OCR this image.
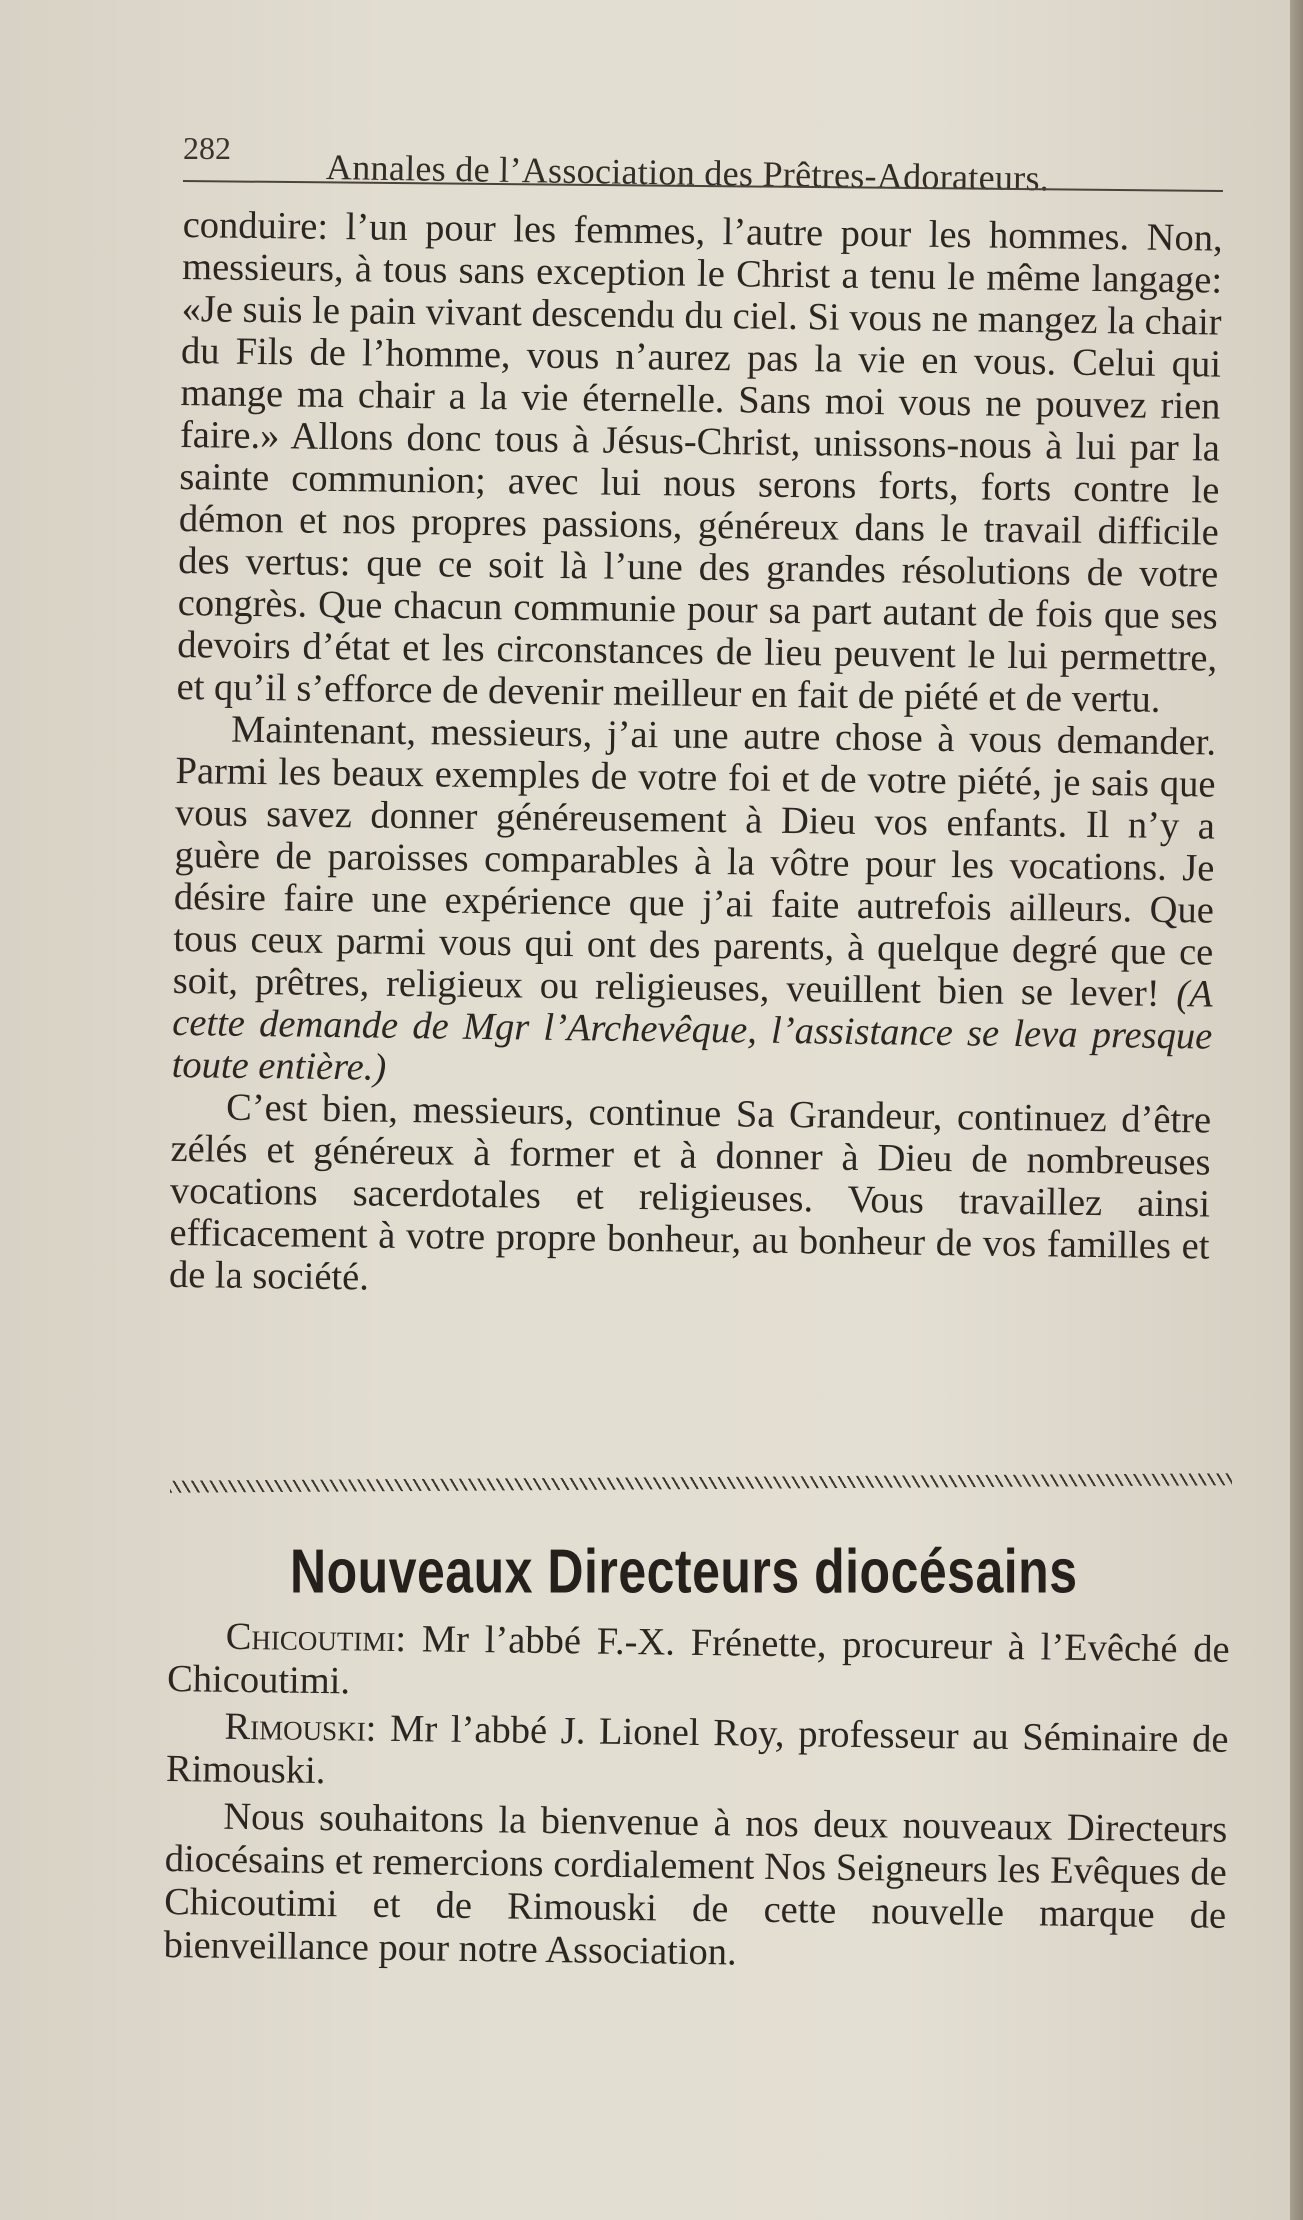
282	Annales de l’Association des Prêtres-Adorateurs.

conduire: l’un pour les femmes, l’autre pour les hommes. Non, messieurs, à tous sans exception le Christ a tenu le même langage: «Je suis le pain vivant descendu du ciel. Si vous ne mangez la chair du Fils de l’homme, vous n’aurez pas la vie en vous. Celui qui mange ma chair a la vie éternelle. Sans moi vous ne pouvez rien faire.» Allons donc tous à Jésus-Christ, unissons-nous à lui par la sainte communion; avec lui nous serons forts, forts contre le démon et nos propres passions, généreux dans le travail difficile des vertus: que ce soit là l’une des grandes résolutions de votre congrès. Que chacun communie pour sa part autant de fois que ses devoirs d’état et les circonstances de lieu peuvent le lui permettre, et qu’il s’efforce de devenir meilleur en fait de piété et de vertu.

Maintenant, messieurs, j’ai une autre chose à vous demander. Parmi les beaux exemples de votre foi et de votre piété, je sais que vous savez donner généreusement à Dieu vos enfants. Il n’y a guère de paroisses comparables à la vôtre pour les vocations. Je désire faire une expérience que j’ai faite autrefois ailleurs. Que tous ceux parmi vous qui ont des parents, à quelque degré que ce soit, prêtres, religieux ou religieuses, veuillent bien se lever! (A cette demande de Mgr l’Archevêque, l’assistance se leva presque toute entière.)

C’est bien, messieurs, continue Sa Grandeur, continuez d’être zélés et généreux à former et à donner à Dieu de nombreuses vocations sacerdotales et religieuses. Vous travaillez ainsi efficacement à votre propre bonheur, au bonheur de vos familles et de la société.

Nouveaux Directeurs diocésains

Chicoutimi: Mr l’abbé F.-X. Frénette, procureur à l’Evêché de Chicoutimi.

Rimouski: Mr l’abbé J. Lionel Roy, professeur au Séminaire de Rimouski.

Nous souhaitons la bienvenue à nos deux nouveaux Directeurs diocésains et remercions cordialement Nos Seigneurs les Evêques de Chicoutimi et de Rimouski de cette nouvelle marque de bienveillance pour notre Association.
